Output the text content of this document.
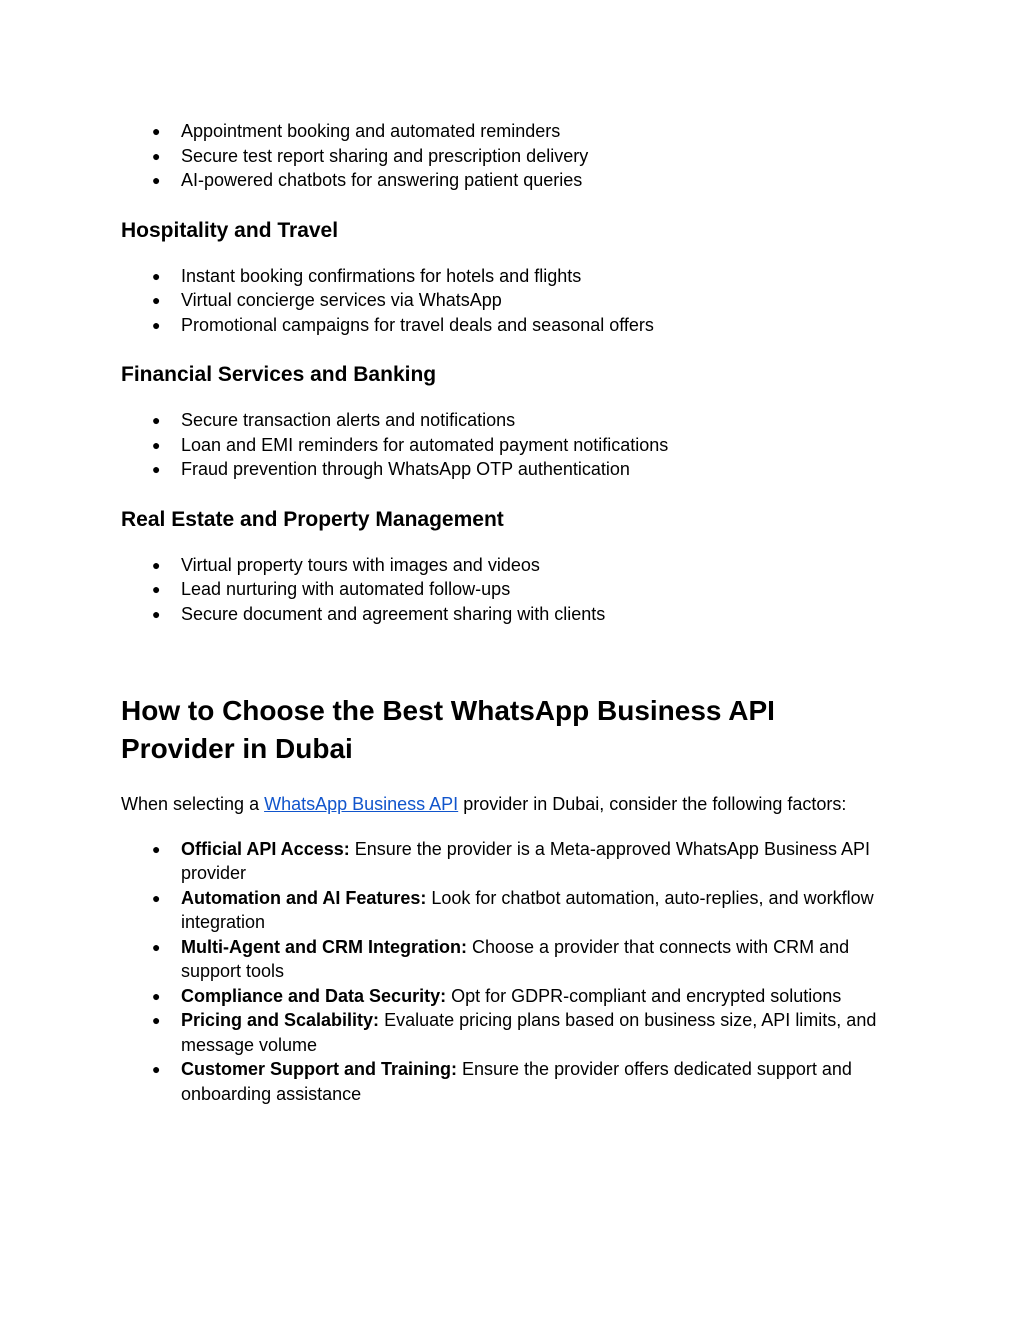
● Appointment booking and automated reminders
● Secure test report sharing and prescription delivery
● AI-powered chatbots for answering patient queries
Hospitality and Travel
● Instant booking confirmations for hotels and flights
● Virtual concierge services via WhatsApp
● Promotional campaigns for travel deals and seasonal offers
Financial Services and Banking
● Secure transaction alerts and notifications
● Loan and EMI reminders for automated payment notifications
● Fraud prevention through WhatsApp OTP authentication
Real Estate and Property Management
● Virtual property tours with images and videos
● Lead nurturing with automated follow-ups
● Secure document and agreement sharing with clients
How to Choose the Best WhatsApp Business API
Provider in Dubai

When selecting a WhatsApp Business API provider in Dubai, consider the following factors:

● Official API Access: Ensure the provider is a Meta-approved WhatsApp Business API provider
● Automation and AI Features: Look for chatbot automation, auto-replies, and workflow integration
● Multi-Agent and CRM Integration: Choose a provider that connects with CRM and support tools
● Compliance and Data Security: Opt for GDPR-compliant and encrypted solutions
● Pricing and Scalability: Evaluate pricing plans based on business size, API limits, and message volume
● Customer Support and Training: Ensure the provider offers dedicated support and onboarding assistance
